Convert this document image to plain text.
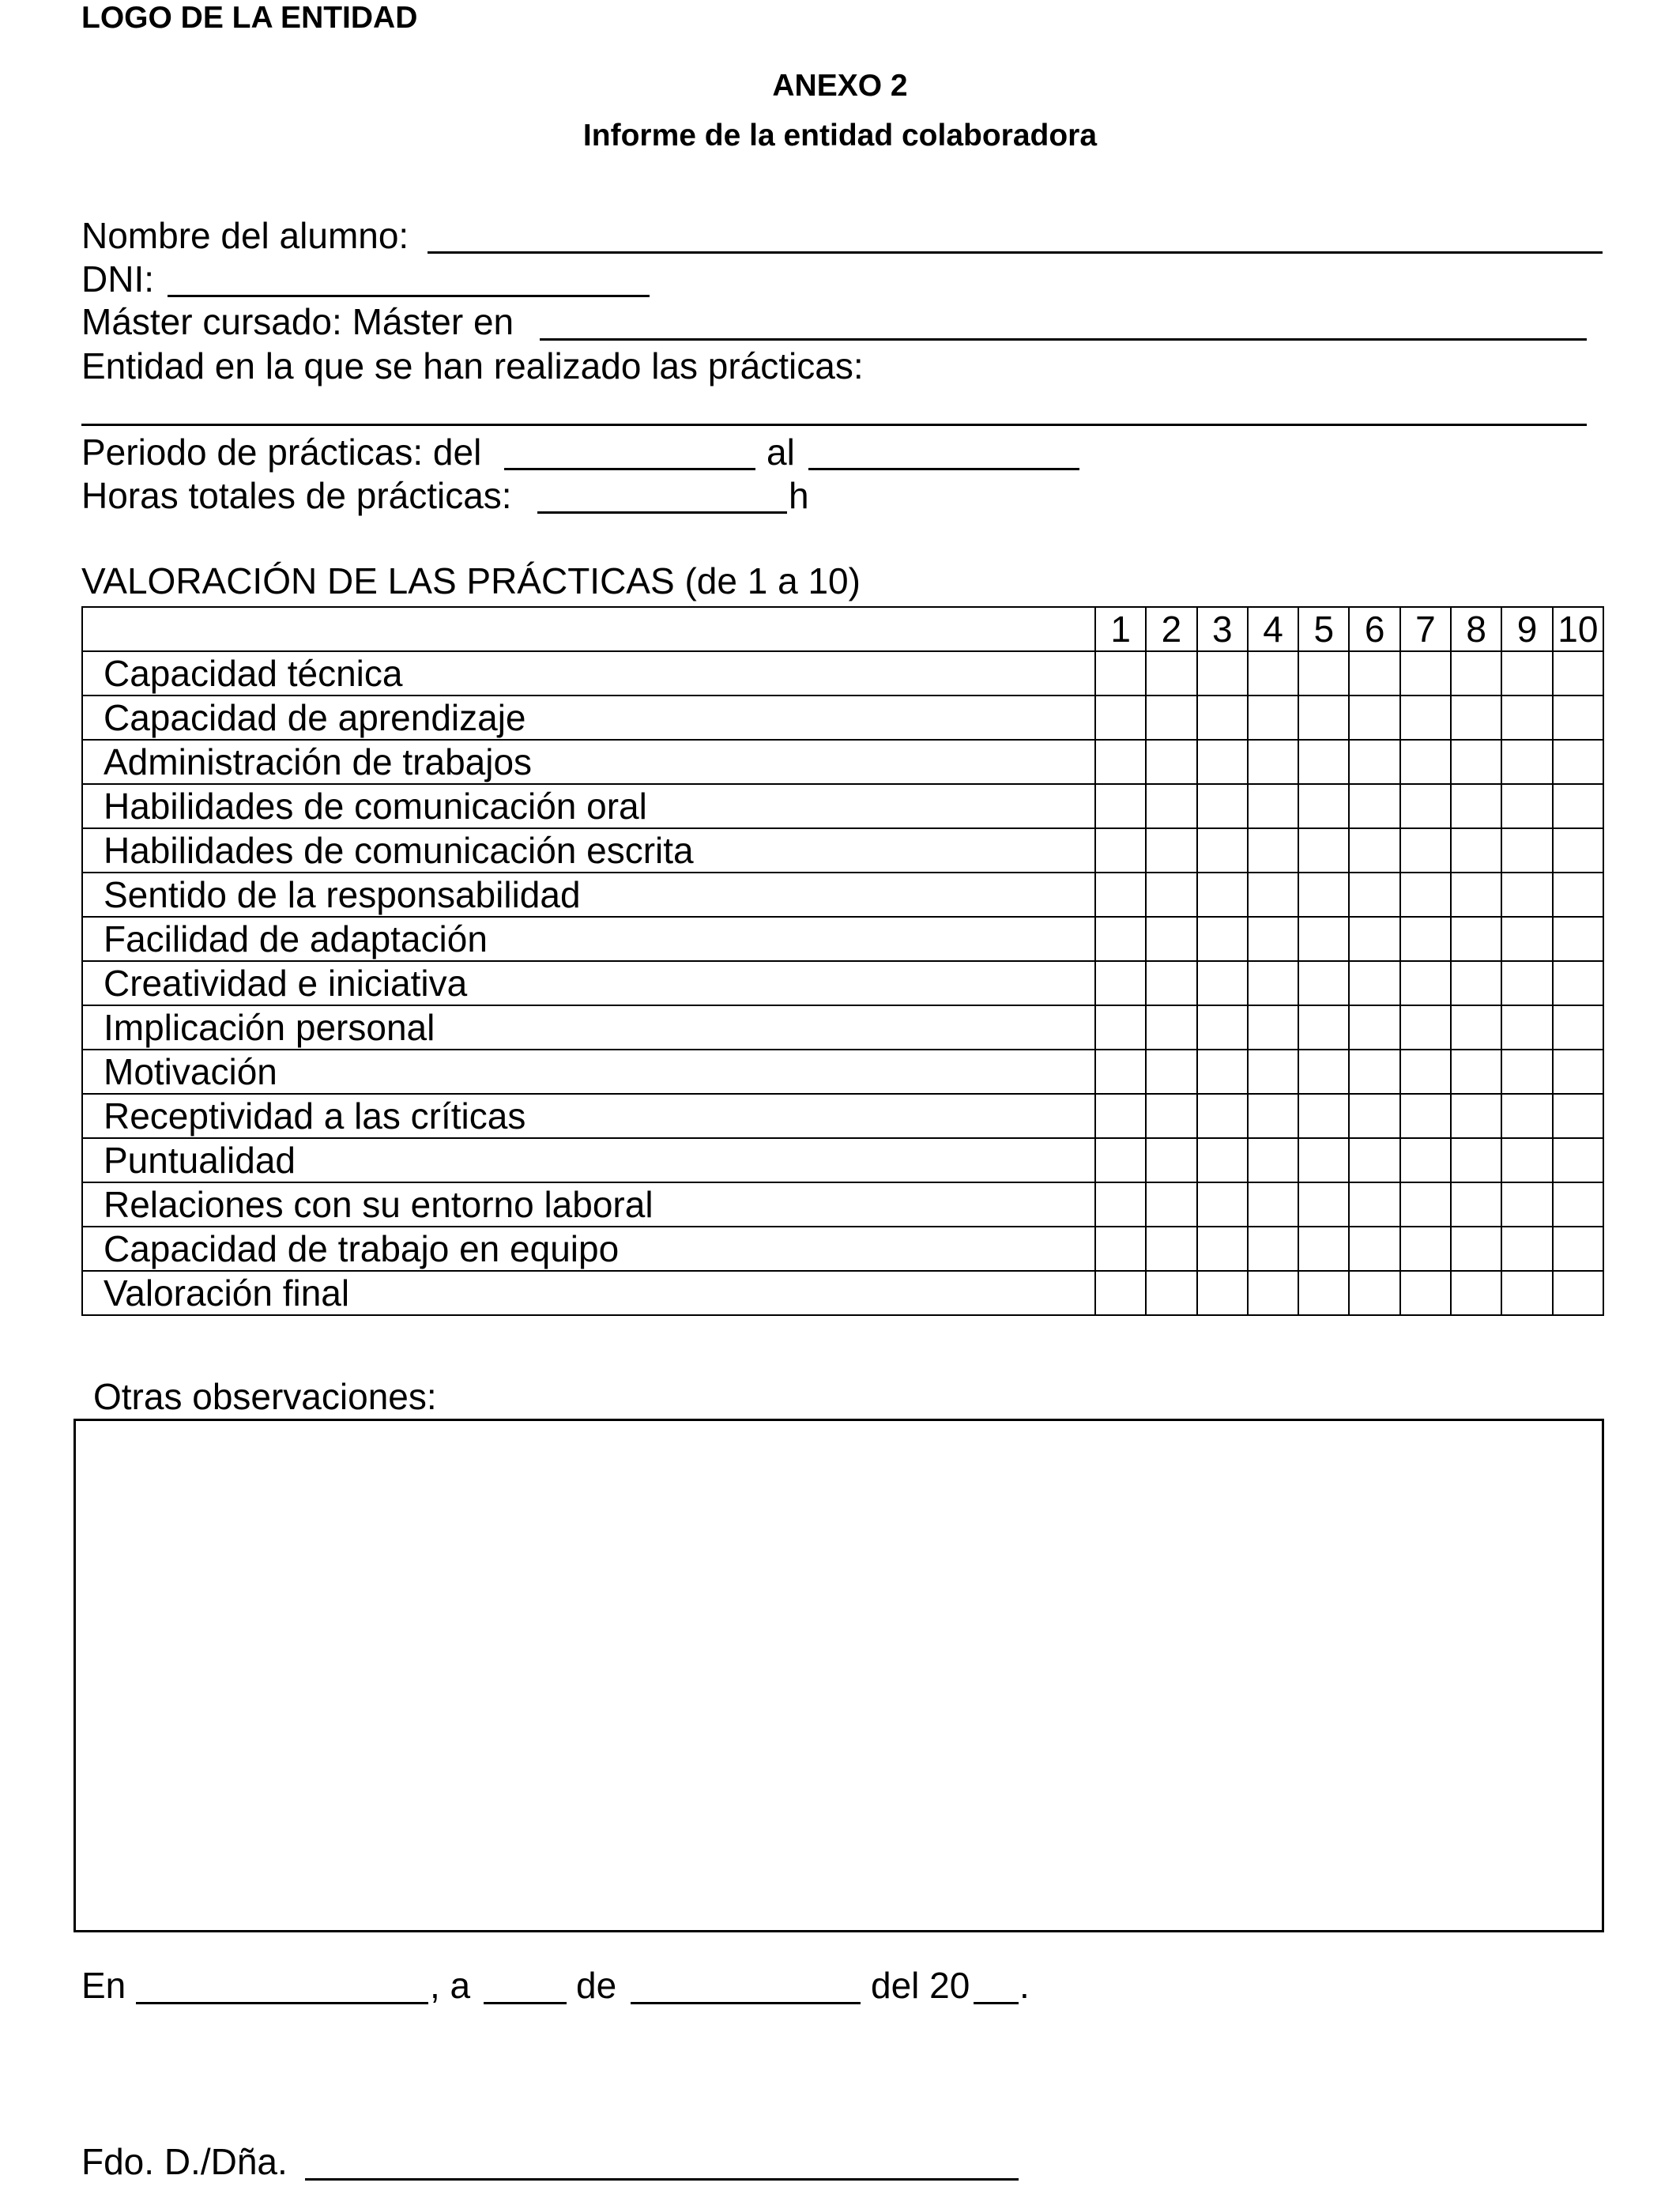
LOGO DE LA ENTIDAD
ANEXO 2
Informe de la entidad colaboradora
Nombre del alumno:
DNI:
Máster cursado: Máster en
Entidad en la que se han realizado las prácticas:
Periodo de prácticas: del	al
Horas totales de prácticas:	h
VALORACIÓN DE LAS PRÁCTICAS (de 1 a 10)
	1	2	3	4	5	6	7	8	9	10
Capacidad técnica										
Capacidad de aprendizaje										
Administración de trabajos										
Habilidades de comunicación oral										
Habilidades de comunicación escrita										
Sentido de la responsabilidad										
Facilidad de adaptación										
Creatividad e iniciativa										
Implicación personal										
Motivación										
Receptividad a las críticas										
Puntualidad										
Relaciones con su entorno laboral										
Capacidad de trabajo en equipo										
Valoración final										
Otras observaciones:
En	, a	de	del 20 .
Fdo. D./Dña.
